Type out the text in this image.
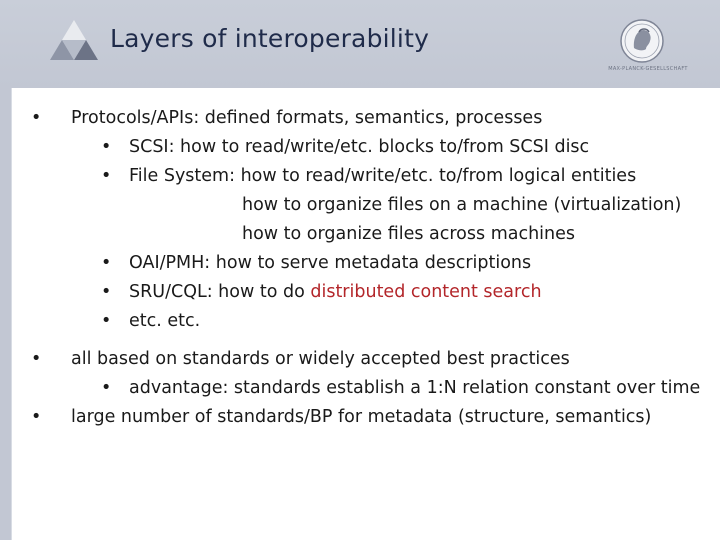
Layers of interoperability
MAX-PLANCK-GESELLSCHAFT
• Protocols/APIs: defined formats, semantics, processes
• SCSI: how to read/write/etc. blocks to/from SCSI disc
• File System: how to read/write/etc. to/from logical entities
how to organize files on a machine (virtualization)
how to organize files across machines
• OAI/PMH: how to serve metadata descriptions
• SRU/CQL: how to do distributed content search
• etc. etc.
• all based on standards or widely accepted best practices
• advantage: standards establish a 1:N relation constant over time
• large number of standards/BP for metadata (structure, semantics)
